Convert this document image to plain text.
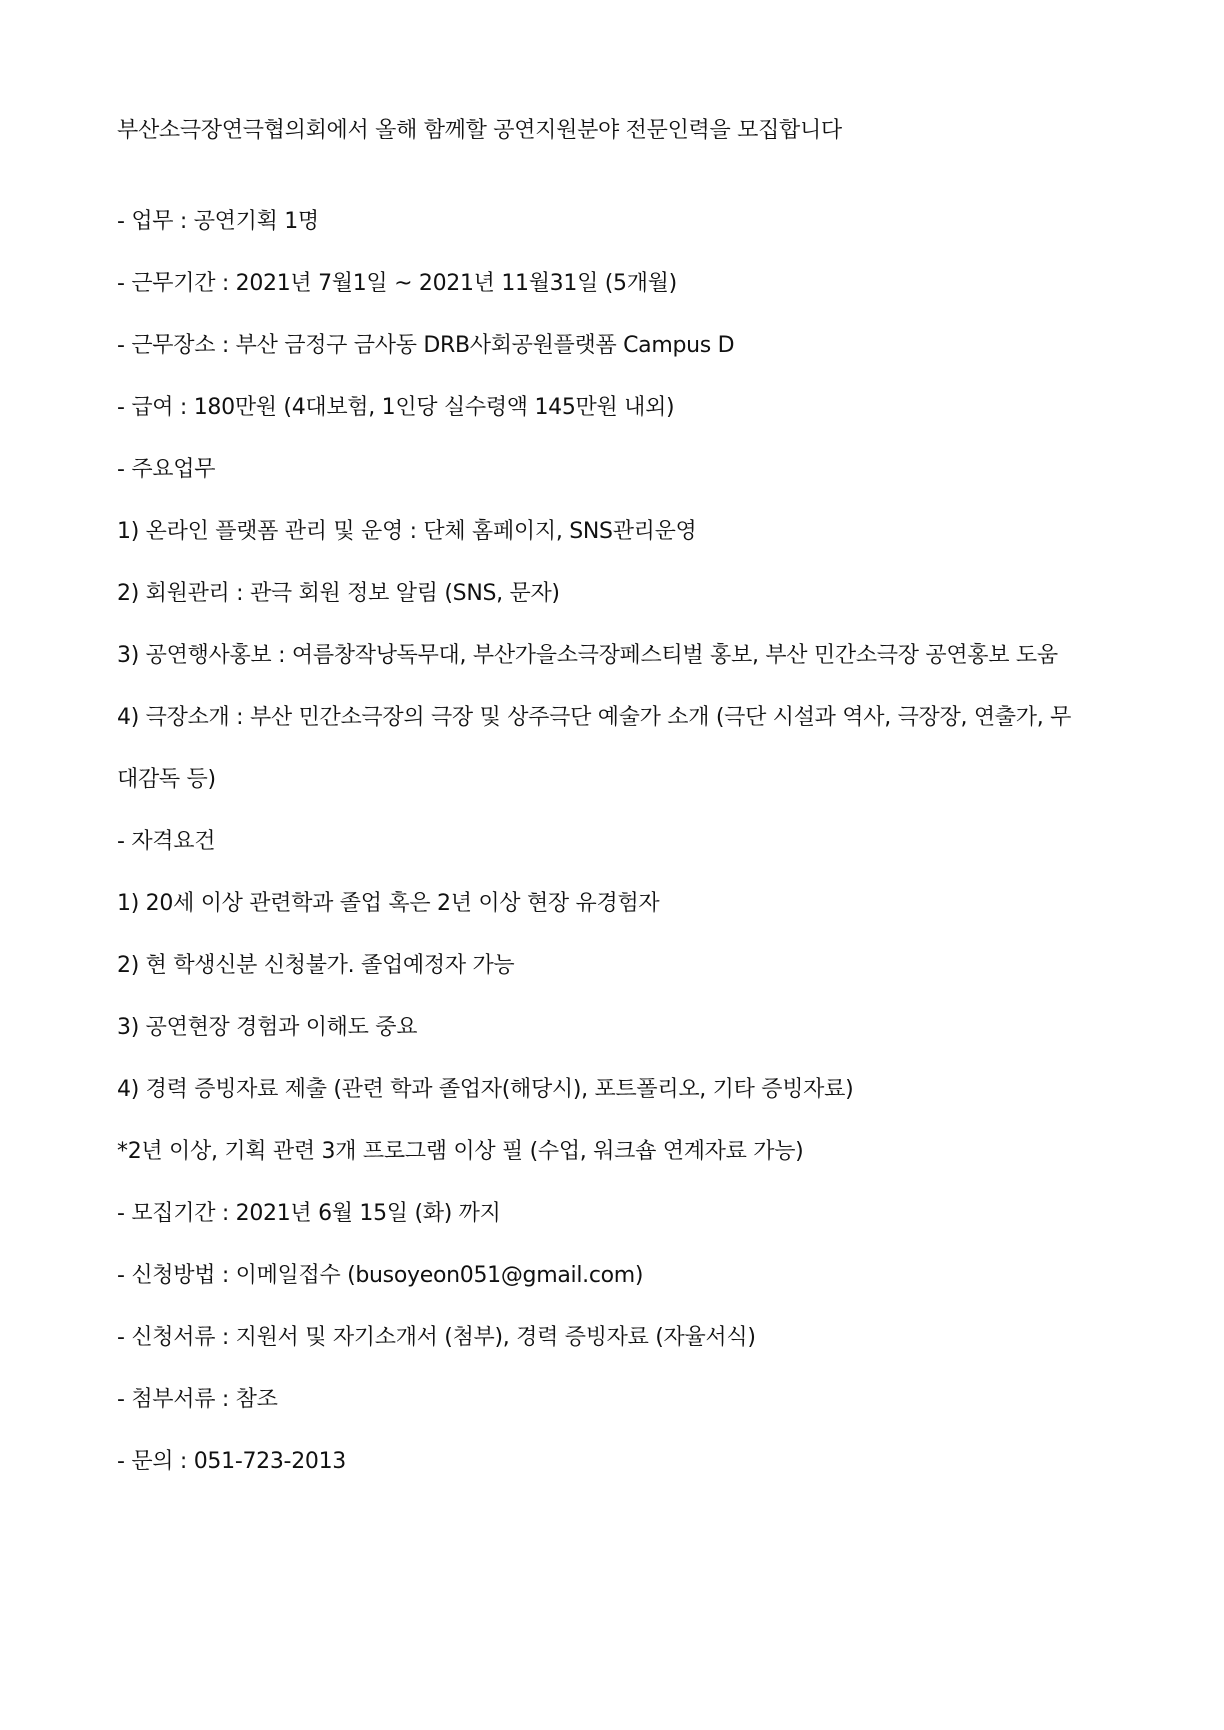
부산소극장연극협의회에서 올해 함께할 공연지원분야 전문인력을 모집합니다
- 업무 : 공연기획 1명
- 근무기간 : 2021년 7월1일 ~ 2021년 11월31일 (5개월)
- 근무장소 : 부산 금정구 금사동 DRB사회공원플랫폼 Campus D
- 급여 : 180만원 (4대보험, 1인당 실수령액 145만원 내외)
- 주요업무
1) 온라인 플랫폼 관리 및 운영 : 단체 홈페이지, SNS관리운영
2) 회원관리 : 관극 회원 정보 알림 (SNS, 문자)
3) 공연행사홍보 : 여름창작낭독무대, 부산가을소극장페스티벌 홍보, 부산 민간소극장 공연홍보 도움
4) 극장소개 : 부산 민간소극장의 극장 및 상주극단 예술가 소개 (극단 시설과 역사, 극장장, 연출가, 무
대감독 등)
- 자격요건
1) 20세 이상 관련학과 졸업 혹은 2년 이상 현장 유경험자
2) 현 학생신분 신청불가. 졸업예정자 가능
3) 공연현장 경험과 이해도 중요
4) 경력 증빙자료 제출 (관련 학과 졸업자(해당시), 포트폴리오, 기타 증빙자료)
*2년 이상, 기획 관련 3개 프로그램 이상 필 (수업, 워크숍 연계자료 가능)
- 모집기간 : 2021년 6월 15일 (화) 까지
- 신청방법 : 이메일접수 (busoyeon051@gmail.com)
- 신청서류 : 지원서 및 자기소개서 (첨부), 경력 증빙자료 (자율서식)
- 첨부서류 : 참조
- 문의 : 051-723-2013
